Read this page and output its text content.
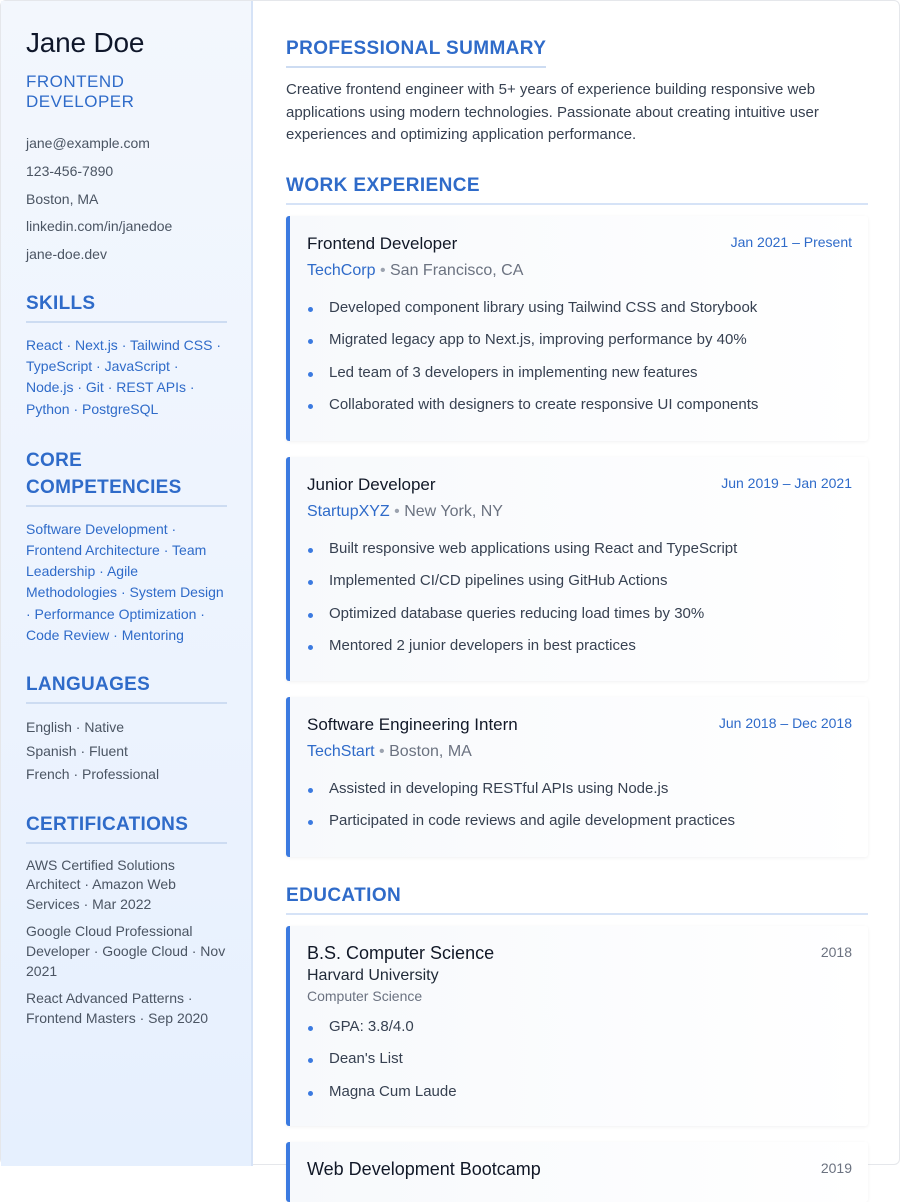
Jane Doe
FRONTEND DEVELOPER
jane@example.com
123-456-7890
Boston, MA
linkedin.com/in/janedoe
jane-doe.dev
SKILLS
React · Next.js · Tailwind CSS · TypeScript · JavaScript · Node.js · Git · REST APIs · Python · PostgreSQL
CORE COMPETENCIES
Software Development · Frontend Architecture · Team Leadership · Agile Methodologies · System Design · Performance Optimization · Code Review · Mentoring
LANGUAGES
English · Native
Spanish · Fluent
French · Professional
CERTIFICATIONS
AWS Certified Solutions Architect · Amazon Web Services · Mar 2022
Google Cloud Professional Developer · Google Cloud · Nov 2021
React Advanced Patterns · Frontend Masters · Sep 2020
PROFESSIONAL SUMMARY

Creative frontend engineer with 5+ years of experience building responsive web applications using modern technologies. Passionate about creating intuitive user experiences and optimizing application performance.

WORK EXPERIENCE
Frontend Developer	Jan 2021 – Present
TechCorp • San Francisco, CA
Developed component library using Tailwind CSS and Storybook
Migrated legacy app to Next.js, improving performance by 40%
Led team of 3 developers in implementing new features
Collaborated with designers to create responsive UI components
Junior Developer	Jun 2019 – Jan 2021
StartupXYZ • New York, NY
Built responsive web applications using React and TypeScript
Implemented CI/CD pipelines using GitHub Actions
Optimized database queries reducing load times by 30%
Mentored 2 junior developers in best practices
Software Engineering Intern	Jun 2018 – Dec 2018
TechStart • Boston, MA
Assisted in developing RESTful APIs using Node.js
Participated in code reviews and agile development practices
EDUCATION
B.S. Computer Science	2018
Harvard University
Computer Science
GPA: 3.8/4.0
Dean's List
Magna Cum Laude
Web Development Bootcamp	2019
